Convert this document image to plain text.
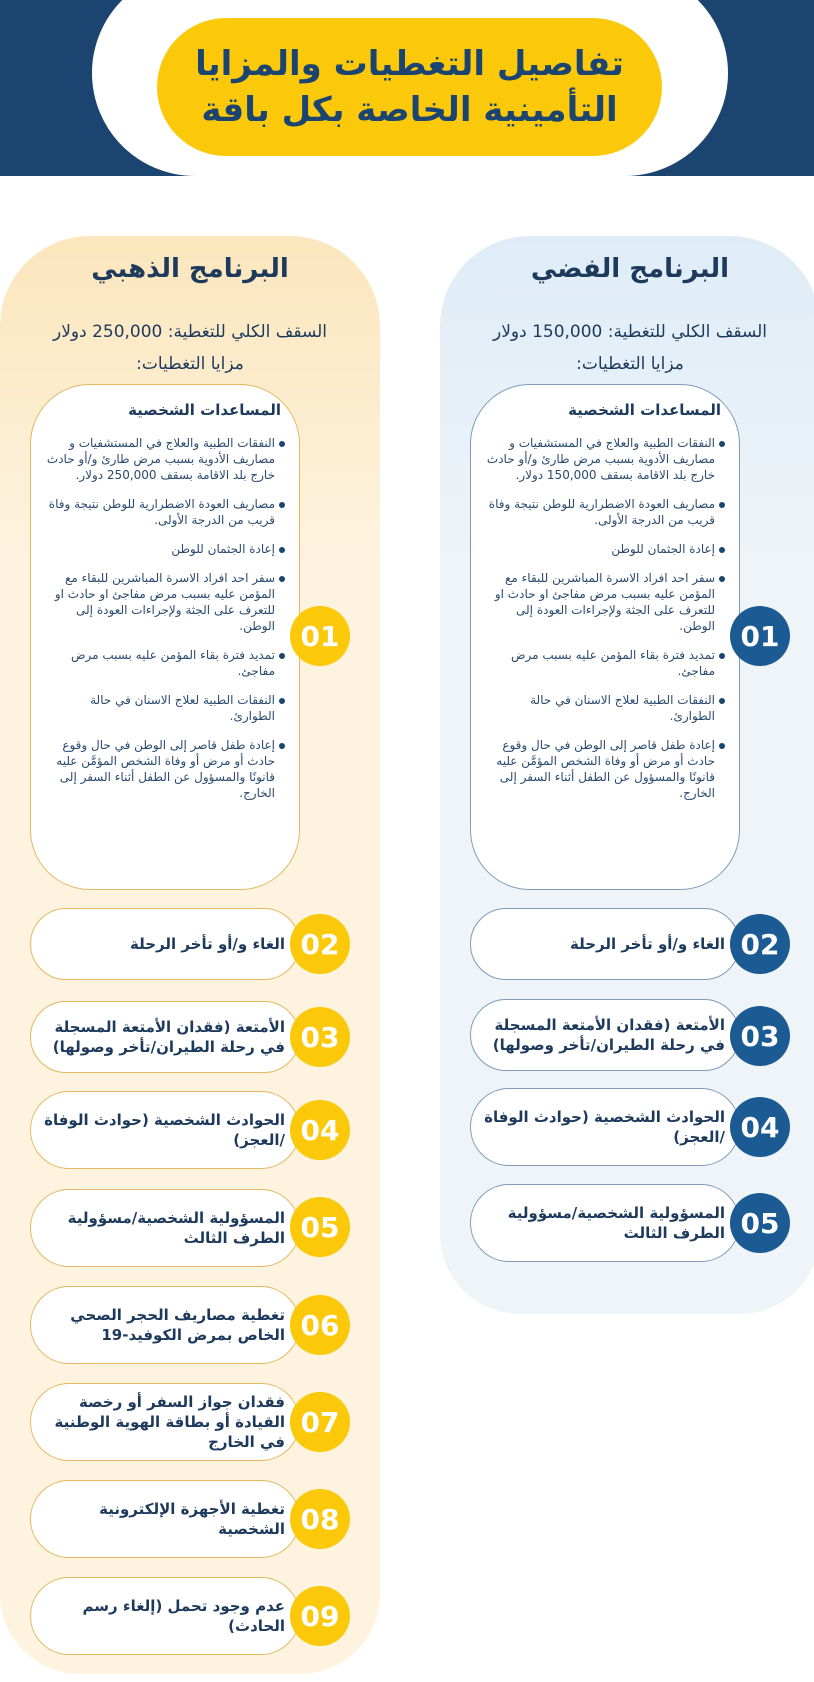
تفاصيل التغطيات والمزايا
التأمينية الخاصة بكل باقة
البرنامج الذهبي
السقف الكلي للتغطية: 250,000 دولار
مزايا التغطيات:
المساعدات الشخصية
النفقات الطبية والعلاج في المستشفيات و مصاريف الأدوية بسبب مرض طارئ و/أو حادث خارج بلد الاقامة بسقف 250,000 دولار.
مصاريف العودة الاضطرارية للوطن نتيجة وفاة قريب من الدرجة الأولى.
إعادة الجثمان للوطن
سفر احد افراد الاسرة المباشرين للبقاء مع المؤمن عليه بسبب مرض مفاجئ او حادث او للتعرف على الجثة ولإجراءات العودة إلى الوطن.
تمديد فترة بقاء المؤمن عليه بسبب مرض مفاجئ.
النفقات الطبية لعلاج الاسنان في حالة الطوارئ.
إعادة طفل قاصر إلى الوطن في حال وقوع حادث أو مرض أو وفاة الشخص المؤمَّن عليه قانونًا والمسؤول عن الطفل أثناء السفر إلى الخارج.
01
الغاء و/أو تأخر الرحلة 02
الأمتعة (فقدان الأمتعة المسجلة في رحلة الطيران/تأخر وصولها) 03
الحوادث الشخصية (حوادث الوفاة /العجز) 04
المسؤولية الشخصية/مسؤولية الطرف الثالث 05
تغطية مصاريف الحجر الصحي الخاص بمرض الكوفيد-19 06
فقدان جواز السفر أو رخصة القيادة أو بطاقة الهوية الوطنية في الخارج
07
تغطية الأجهزة الإلكترونية الشخصية 08
عدم وجود تحمل (إلغاء رسم الحادث) 09
البرنامج الفضي
السقف الكلي للتغطية: 150,000 دولار
مزايا التغطيات:
المساعدات الشخصية
النفقات الطبية والعلاج في المستشفيات و مصاريف الأدوية بسبب مرض طارئ و/أو حادث خارج بلد الاقامة بسقف 150,000 دولار.
مصاريف العودة الاضطرارية للوطن نتيجة وفاة قريب من الدرجة الأولى.
إعادة الجثمان للوطن
سفر احد افراد الاسرة المباشرين للبقاء مع المؤمن عليه بسبب مرض مفاجئ او حادث او للتعرف على الجثة ولإجراءات العودة إلى الوطن.
تمديد فترة بقاء المؤمن عليه بسبب مرض مفاجئ.
النفقات الطبية لعلاج الاسنان في حالة الطوارئ.
إعادة طفل قاصر إلى الوطن في حال وقوع حادث أو مرض أو وفاة الشخص المؤمَّن عليه قانونًا والمسؤول عن الطفل أثناء السفر إلى الخارج.
01
الغاء و/أو تأخر الرحلة 02
الأمتعة (فقدان الأمتعة المسجلة في رحلة الطيران/تأخر وصولها) 03
الحوادث الشخصية (حوادث الوفاة /العجز) 04
المسؤولية الشخصية/مسؤولية الطرف الثالث 05
